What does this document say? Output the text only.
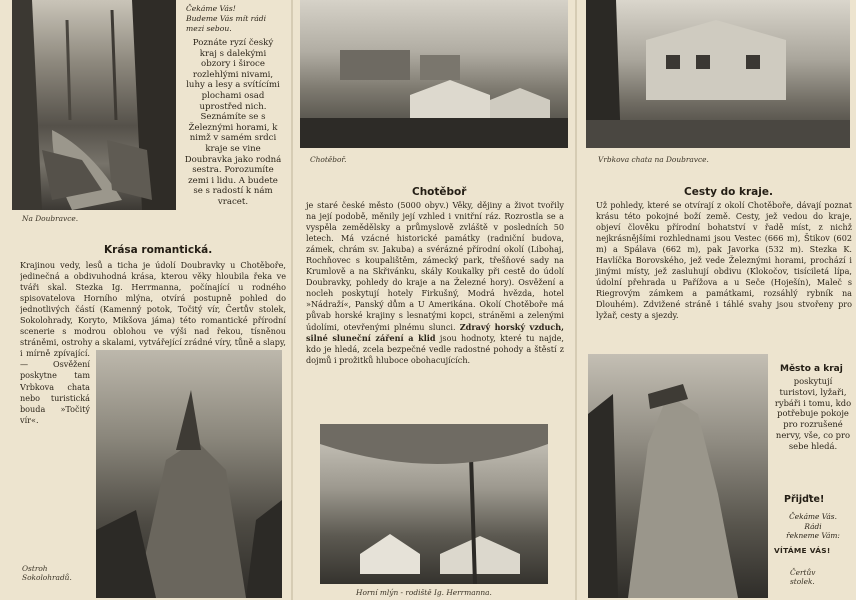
Čekáme Vás!
Budeme Vás mít rádi
mezi sebou.

Poznáte ryzí český kraj s dalekými obzory i široce rozlehlými nivami, luhy a lesy a svítícími plochami osad uprostřed nich. Seznámíte se s Železnými horami, k nimž v samém srdci kraje se vine Doubravka jako rodná sestra. Porozumíte zemi i lidu. A budete se s radostí k nám vracet.

Na Doubravce.
Krása romantická.

Krajinou vedy, lesů a ticha je údolí Doubravky u Chotěboře, jedinečná a obdivuhodná krása, kterou věky hloubila řeka ve tváři skal. Stezka Ig. Herrmanna, počínající u rodného spisovatelova Horního mlýna, otvírá postupně pohled do jednotlivých částí (Kamenný potok, Točitý vír, Čertův stolek, Sokolohrady, Koryto, Mikšova jáma) této romantické přírodní scenerie s modrou oblohou ve výši nad řekou, tísněnou stráněmi, ostrohy a skalami, vytvářející zrádné víry, tůně a slapy, i mírně zpívající. — Osvěžení poskytne tam Vrbkova chata nebo turistická bouda »Točitý vír«.

Ostroh
Sokolohradů.
Chotěboř.
Chotěboř

je staré české město (5000 obyv.) Věky, dějiny a život tvořily na její podobě, měnily její vzhled i vnitřní ráz. Rozrostla se a vyspěla zemědělsky a průmyslově zvláště v posledních 50 letech. Má vzácné historické památky (radniční budova, zámek, chrám sv. Jakuba) a svérázné přírodní okolí (Libohaj, Rochňovec s koupalištěm, zámecký park, třešňové sady na Krumlově a na Skřivánku, skály Koukalky při cestě do údolí Doubravky, pohledy do kraje a na Železné hory). Osvěžení a nocleh poskytují hotely Firkušný, Modrá hvězda, hotel »Nádraží«, Panský dům a U Amerikána. Okolí Chotěboře má půvab horské krajiny s lesnatými kopci, stráněmi a zelenými údolími, otevřenými plnému slunci. Zdravý horský vzduch, silné sluneční záření a klid jsou hodnoty, které tu najde, kdo je hledá, zcela bezpečné vedle radostné pohody a štěstí z dojmů i prožitků hluboce obohacujících.

Horní mlýn - rodiště Ig. Herrmanna.
Vrbkova chata na Doubravce.
Cesty do kraje.

Už pohledy, které se otvírají z okolí Chotěboře, dávají poznat krásu této pokojné boží země. Cesty, jež vedou do kraje, objeví člověku přírodní bohatství v řadě míst, z nichž nejkrásnějšími rozhlednami jsou Vestec (666 m), Štikov (602 m) a Spálava (662 m), pak Javorka (532 m). Stezka K. Havlíčka Borovského, jež vede Železnými horami, prochází i jinými místy, jež zasluhují obdivu (Klokočov, tisíciletá lípa, údolní přehrada u Pařížova a u Seče (Hoješín), Maleč s Riegrovým zámkem a památkami, rozsáhlý rybník na Dlouhém). Zdvižené stráně i táhlé svahy jsou stvořeny pro lyžař, cesty a sjezdy.

Město a kraj

poskytují turistovi, lyžaři, rybáři i tomu, kdo potřebuje pokoje pro rozrušené nervy, vše, co pro sebe hledá.

Přijďte!

Čekáme Vás.
Rádi
řekneme Vám:

VÍTÁME VÁS!
Čertův
stolek.
